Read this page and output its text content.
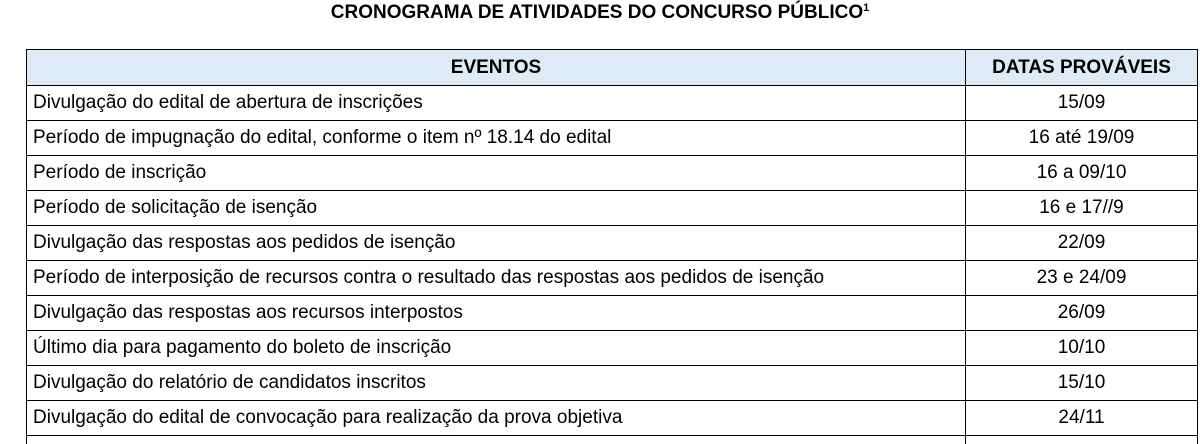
CRONOGRAMA DE ATIVIDADES DO CONCURSO PÚBLICO$^1$
EVENTOS	DATAS PROVÁVEIS
Divulgação do edital de abertura de inscrições	15/09
Período de impugnação do edital, conforme o item nº 18.14 do edital	16 até 19/09
Período de inscrição	16 a 09/10
Período de solicitação de isenção	16 e 17//9
Divulgação das respostas aos pedidos de isenção	22/09
Período de interposição de recursos contra o resultado das respostas aos pedidos de isenção	23 e 24/09
Divulgação das respostas aos recursos interpostos	26/09
Último dia para pagamento do boleto de inscrição	10/10
Divulgação do relatório de candidatos inscritos	15/10
Divulgação do edital de convocação para realização da prova objetiva	24/11
